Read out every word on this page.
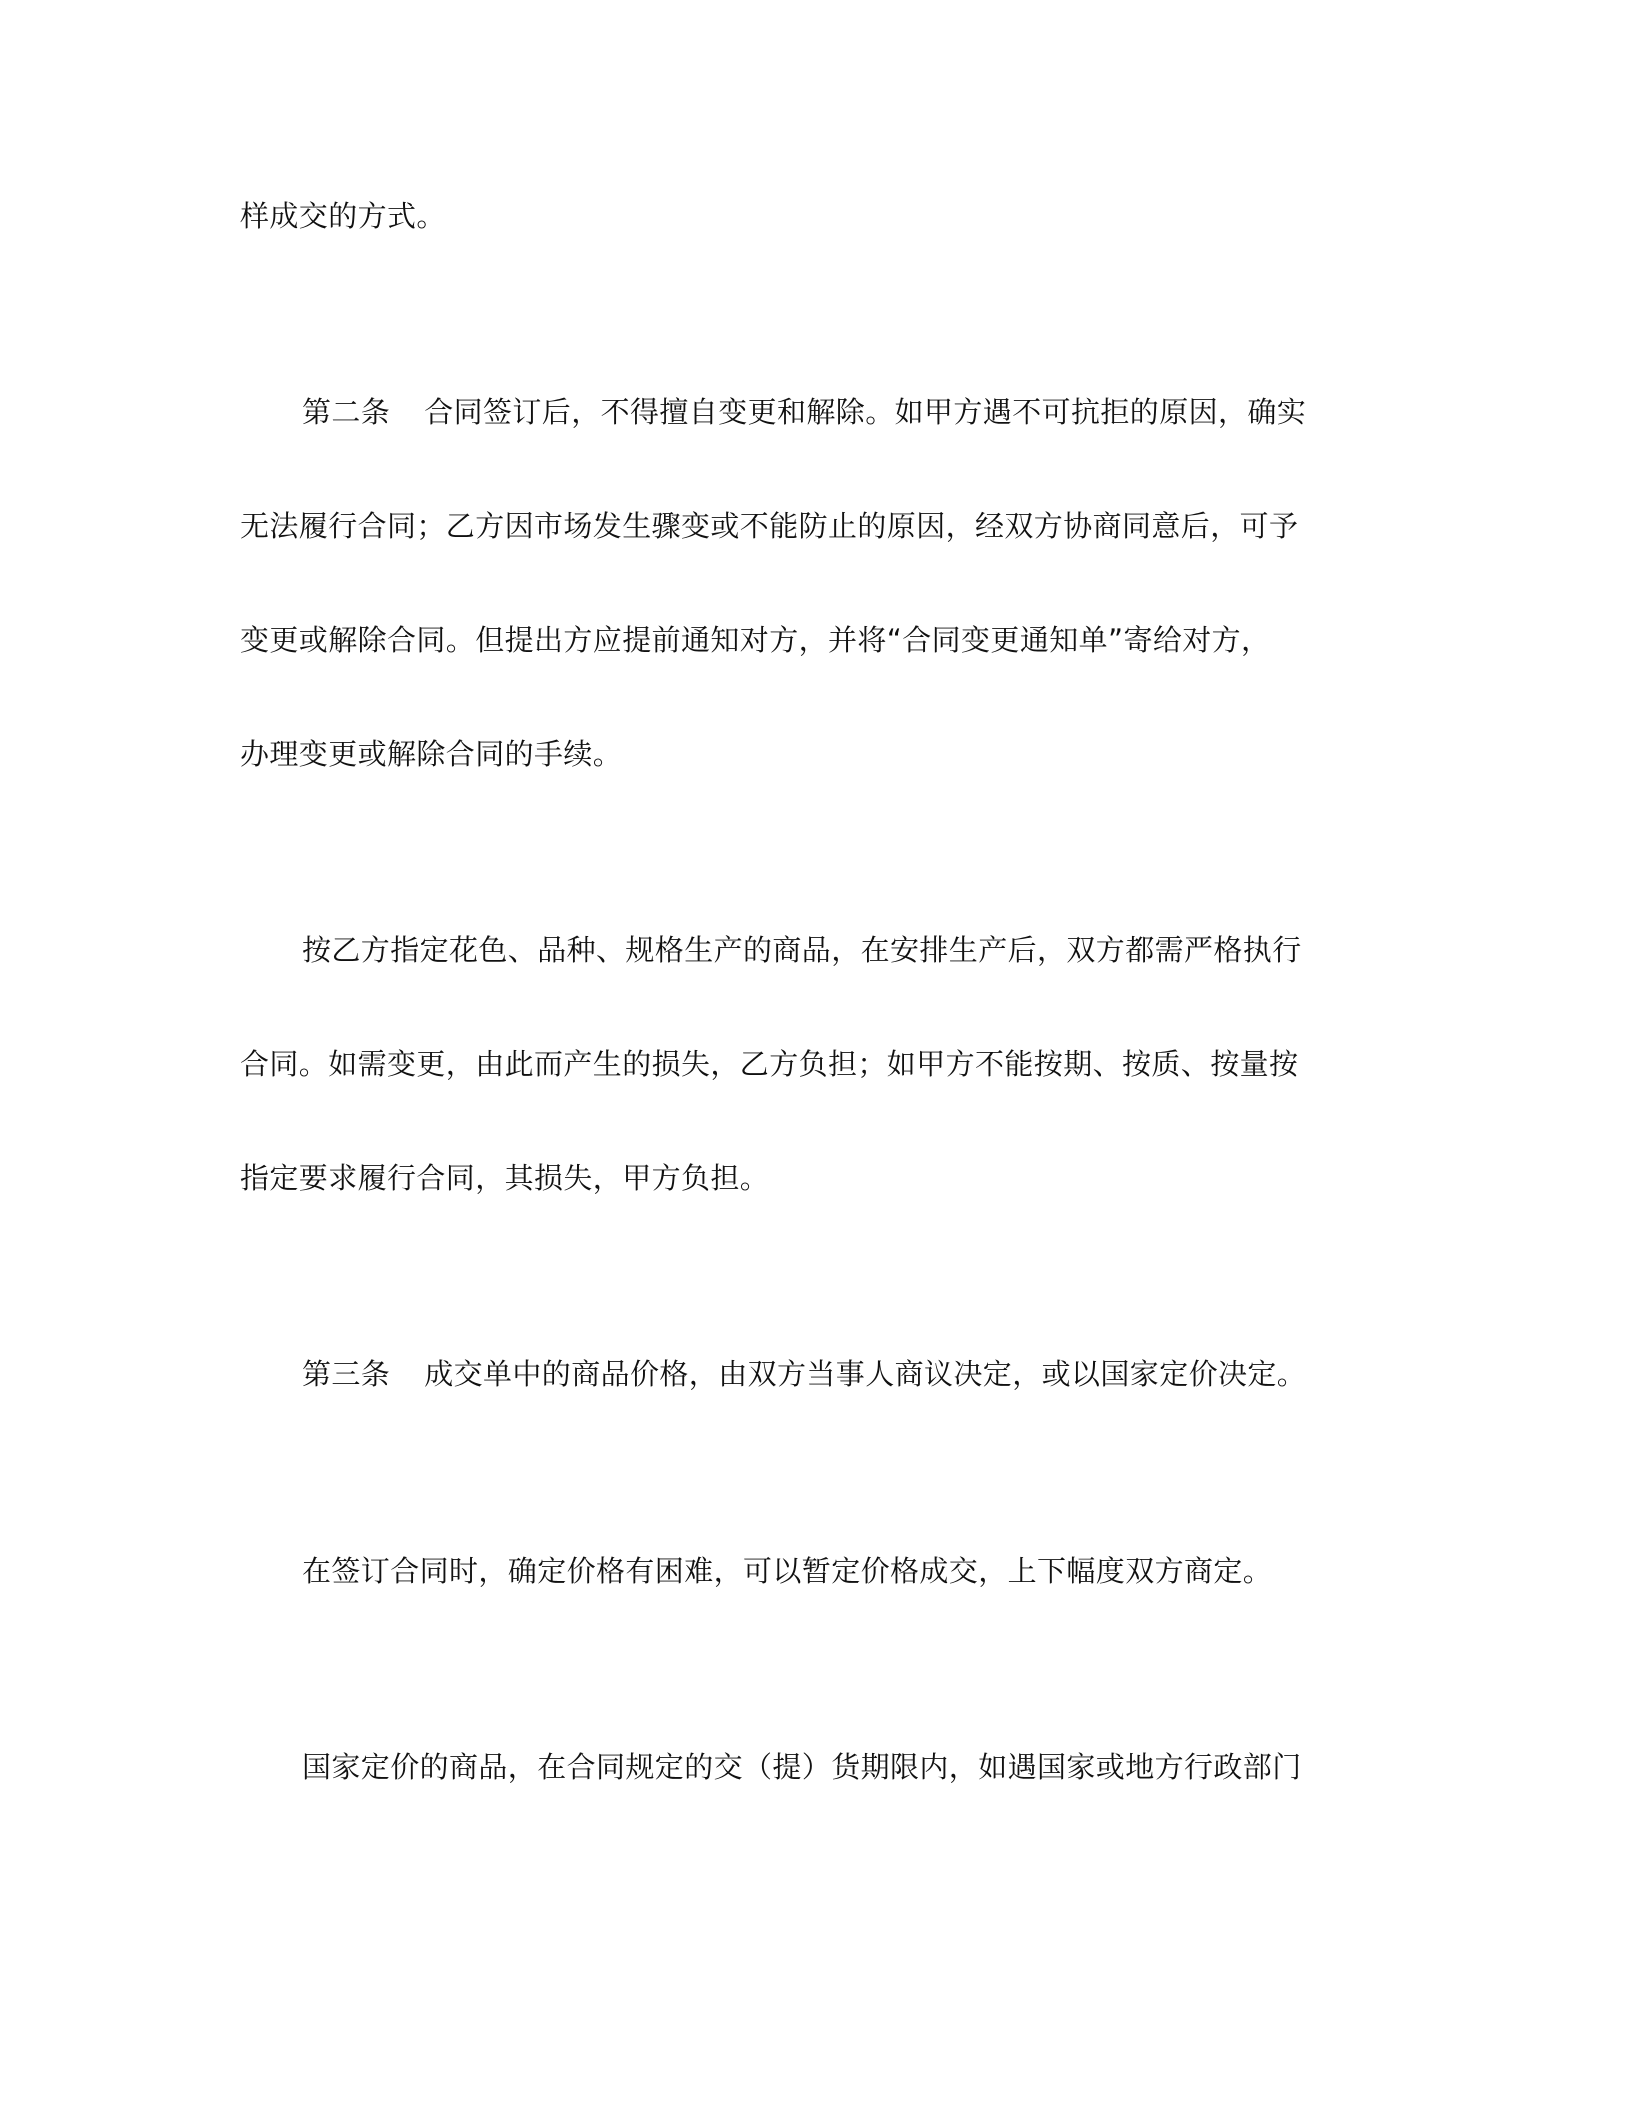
样成交的方式。
第二条 合同签订后，不得擅自变更和解除。如甲方遇不可抗拒的原因，确实
无法履行合同；乙方因市场发生骤变或不能防止的原因，经双方协商同意后，可予
变更或解除合同。但提出方应提前通知对方，并将“合同变更通知单”寄给对方，
办理变更或解除合同的手续。
按乙方指定花色、品种、规格生产的商品，在安排生产后，双方都需严格执行
合同。如需变更，由此而产生的损失，乙方负担；如甲方不能按期、按质、按量按
指定要求履行合同，其损失，甲方负担。
第三条 成交单中的商品价格，由双方当事人商议决定，或以国家定价决定。
在签订合同时，确定价格有困难，可以暂定价格成交，上下幅度双方商定。
国家定价的商品，在合同规定的交（提）货期限内，如遇国家或地方行政部门
